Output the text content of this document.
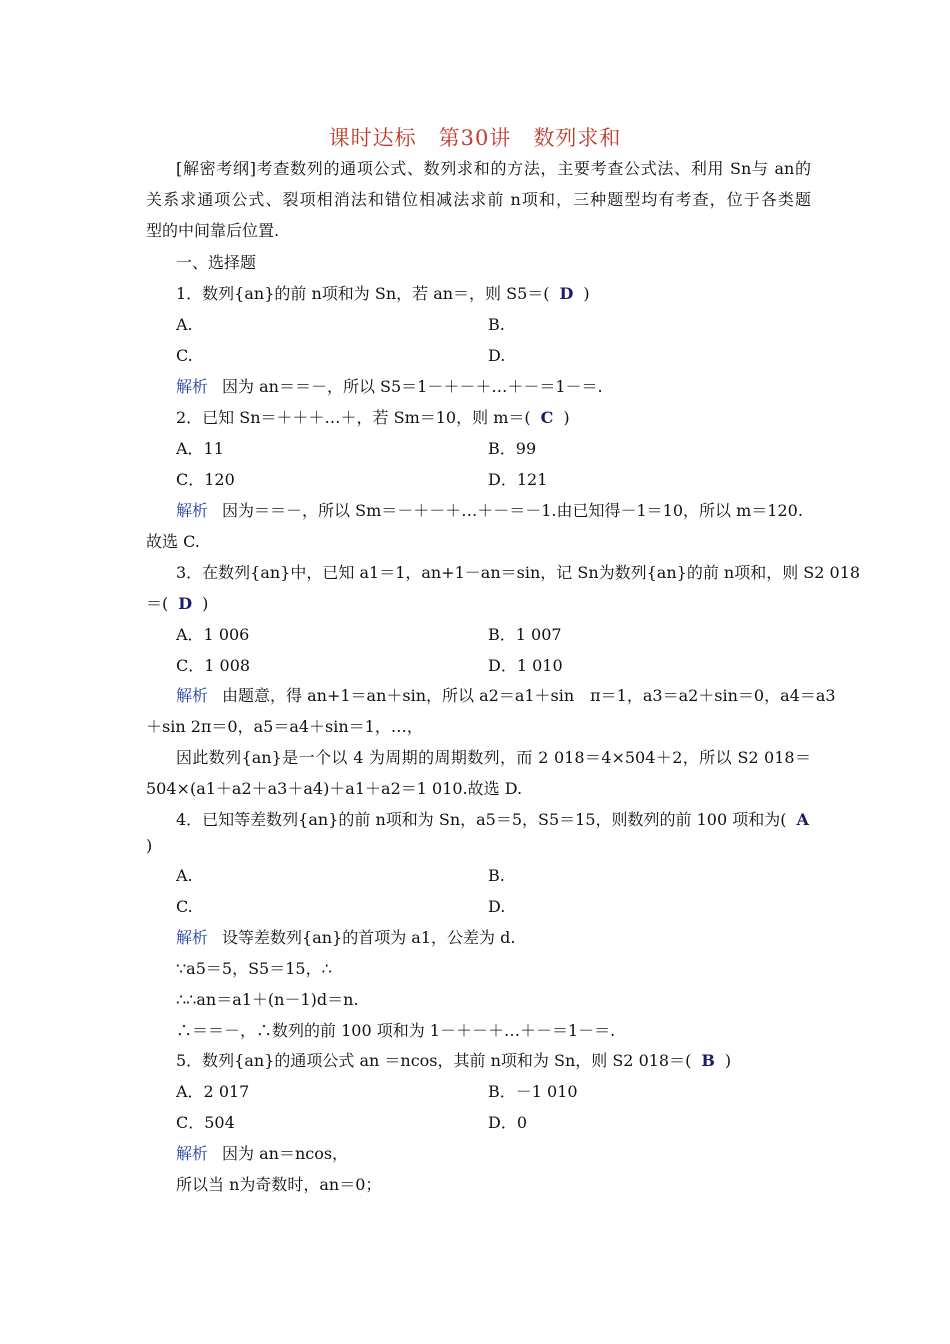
课时达标　第30讲　数列求和
[解密考纲]考查数列的通项公式、数列求和的方法，主要考查公式法、利用 Sn与 an的
关系求通项公式、裂项相消法和错位相减法求前 n项和，三种题型均有考查，位于各类题
型的中间靠后位置.
一、选择题
1．数列{an}的前 n项和为 Sn，若 an＝，则 S5＝( D )
A.	B.
C.	D.
解析 因为 an＝＝－，所以 S5＝1－＋－＋…＋－＝1－＝.
2．已知 Sn＝＋＋＋…＋，若 Sm＝10，则 m＝( C )
A．11	B．99
C．120	D．121
解析 因为＝＝－，所以 Sm＝－＋－＋…＋－＝－1.由已知得－1＝10，所以 m＝120.
故选 C.
3．在数列{an}中，已知 a1＝1，an+1－an＝sin，记 Sn为数列{an}的前 n项和，则 S2 018
＝( D )
A．1 006	B．1 007
C．1 008	D．1 010
解析 由题意，得 an+1＝an＋sin，所以 a2＝a1＋sin　π＝1，a3＝a2＋sin＝0，a4＝a3
＋sin 2π＝0，a5＝a4＋sin＝1，…，
因此数列{an}是一个以 4 为周期的周期数列，而 2 018＝4×504＋2，所以 S2 018＝
504×(a1＋a2＋a3＋a4)＋a1＋a2＝1 010.故选 D.
4．已知等差数列{an}的前 n项和为 Sn，a5＝5，S5＝15，则数列的前 100 项和为( A
)
A.	B.
C.	D.
解析 设等差数列{an}的首项为 a1，公差为 d.
∵a5＝5，S5＝15，∴
∴∴an＝a1＋(n－1)d＝n.
∴＝＝－，∴数列的前 100 项和为 1－＋－＋…＋－＝1－＝.
5．数列{an}的通项公式 an ＝ncos，其前 n项和为 Sn，则 S2 018＝( B )
A．2 017	B．－1 010
C．504	D．0
解析 因为 an＝ncos，
所以当 n为奇数时，an＝0；
